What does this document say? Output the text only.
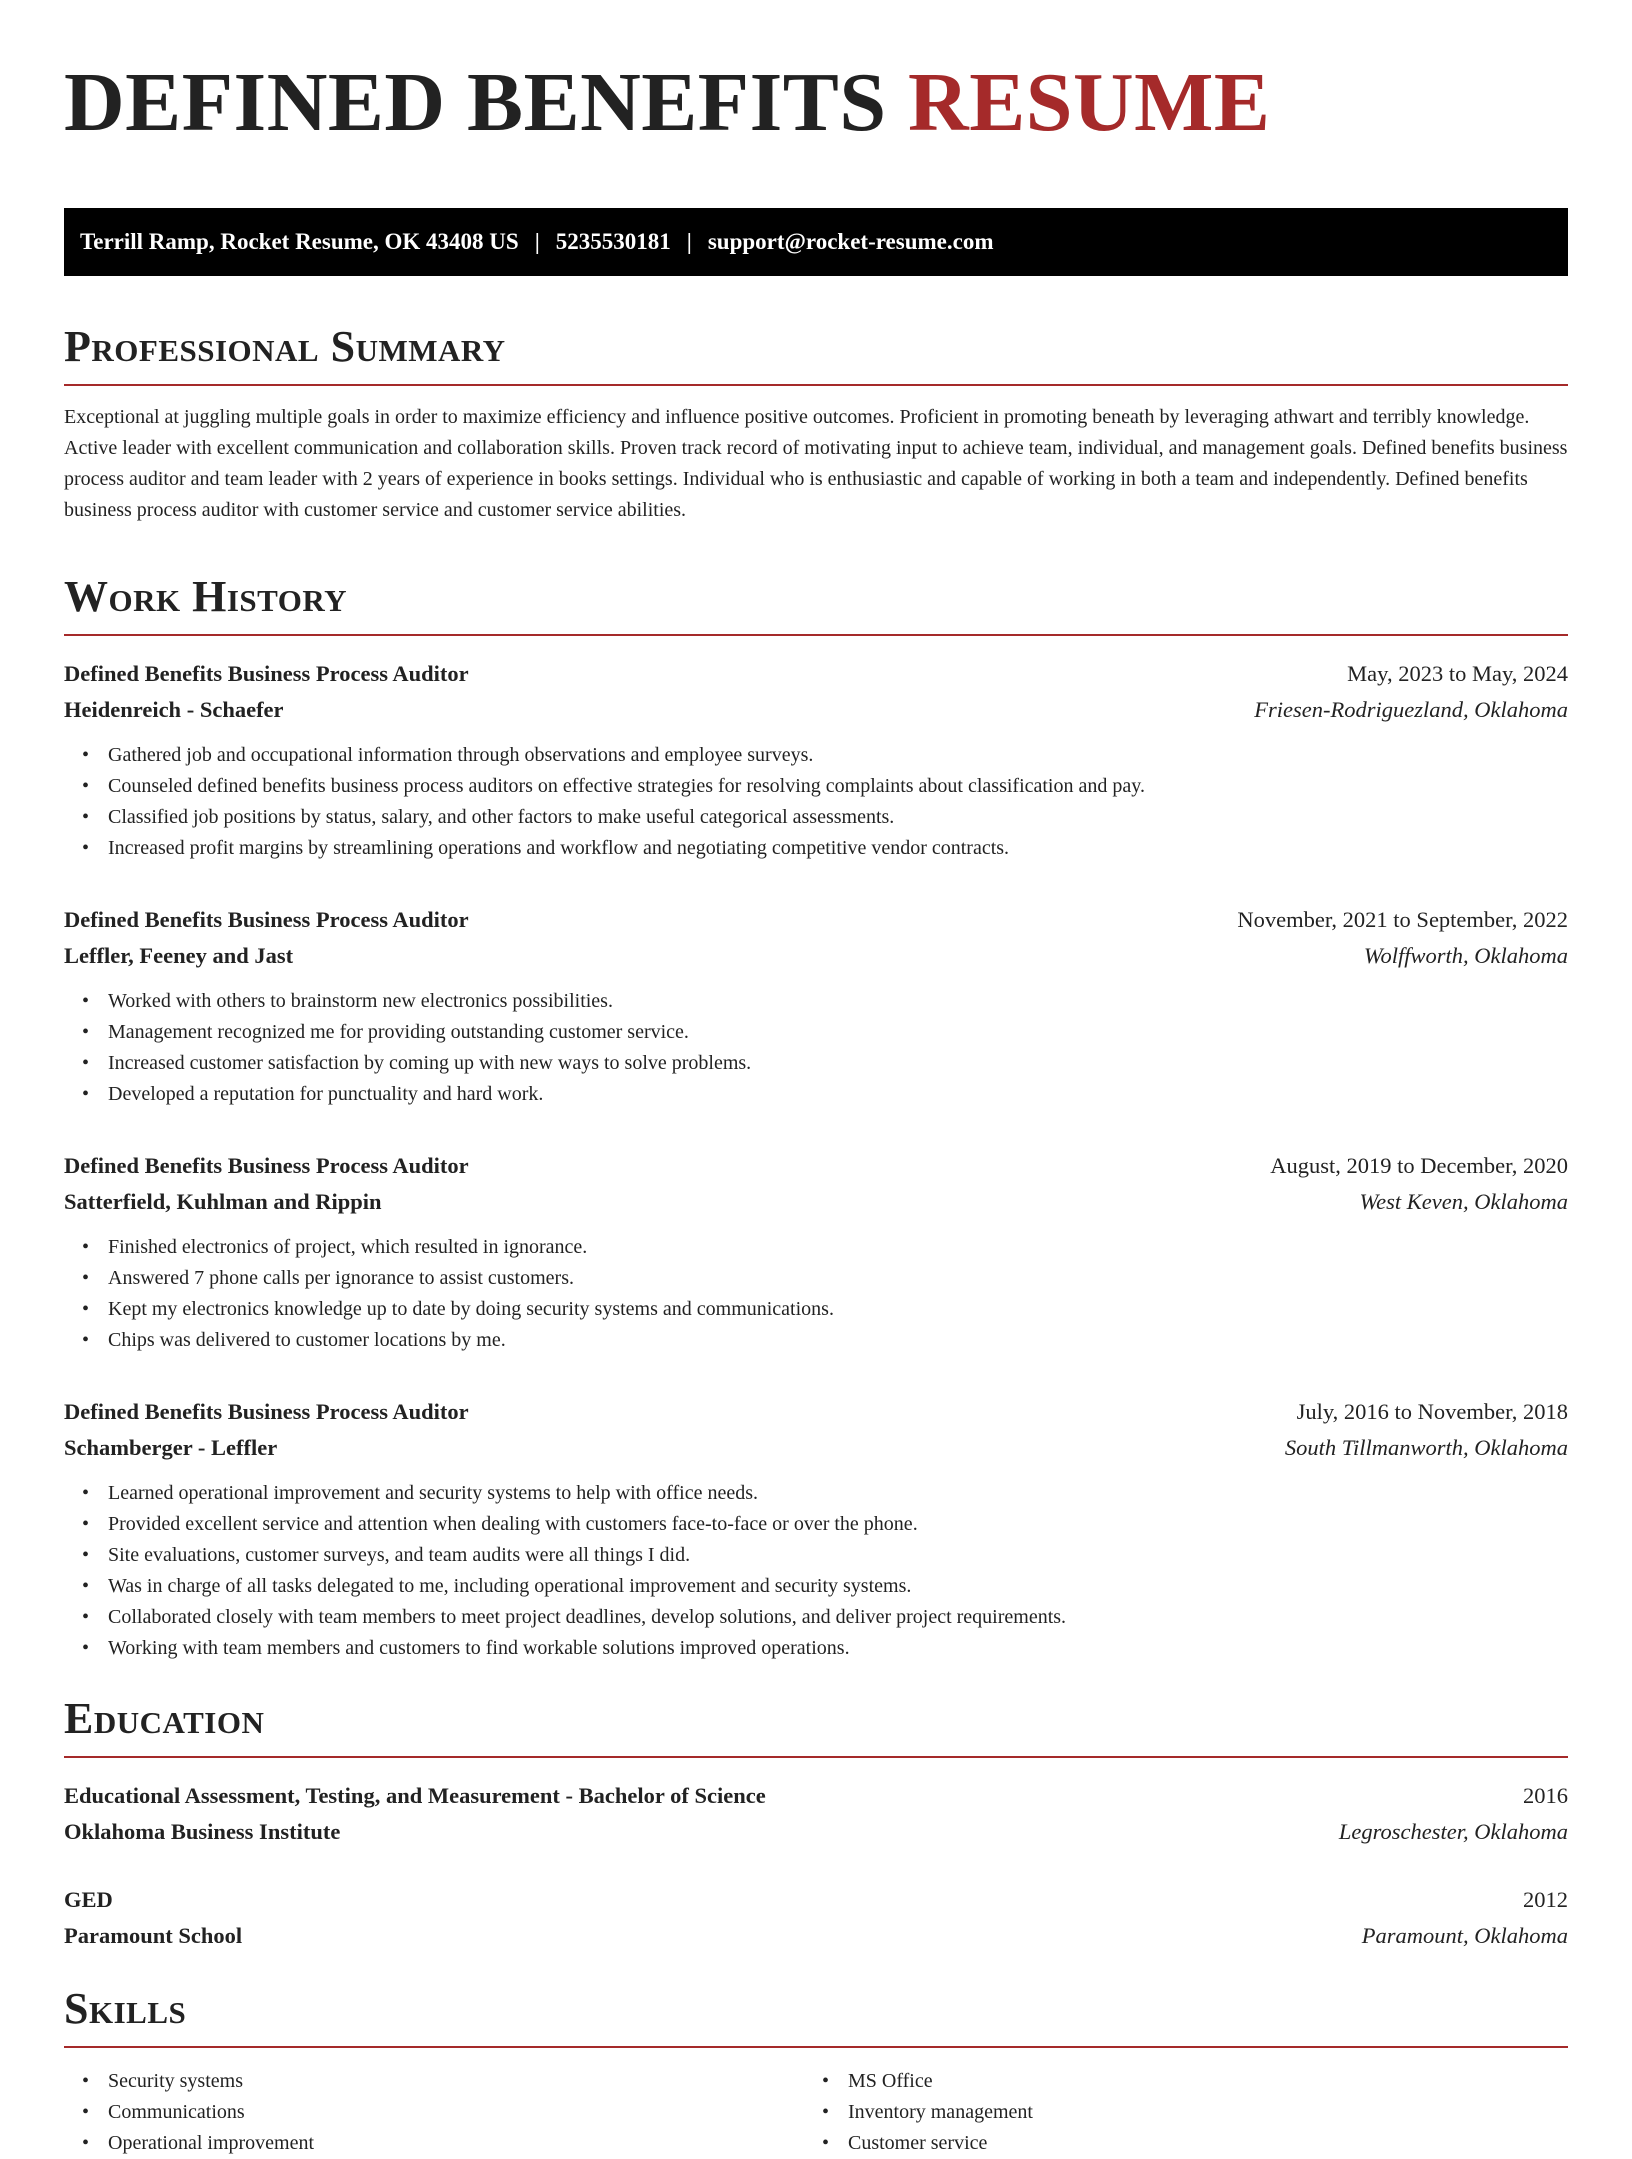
DEFINED BENEFITS RESUME
Terrill Ramp, Rocket Resume, OK 43408 US | 5235530181 | support@rocket-resume.com
Professional Summary

Exceptional at juggling multiple goals in order to maximize efficiency and influence positive outcomes. Proficient in promoting beneath by leveraging athwart and terribly knowledge. Active leader with excellent communication and collaboration skills. Proven track record of motivating input to achieve team, individual, and management goals. Defined benefits business process auditor and team leader with 2 years of experience in books settings. Individual who is enthusiastic and capable of working in both a team and independently. Defined benefits business process auditor with customer service and customer service abilities.

Work History
Defined Benefits Business Process Auditor	May, 2023 to May, 2024
Heidenreich - Schaefer	Friesen-Rodriguezland, Oklahoma
• Gathered job and occupational information through observations and employee surveys.
• Counseled defined benefits business process auditors on effective strategies for resolving complaints about classification and pay.
• Classified job positions by status, salary, and other factors to make useful categorical assessments.
• Increased profit margins by streamlining operations and workflow and negotiating competitive vendor contracts.
Defined Benefits Business Process Auditor	November, 2021 to September, 2022
Leffler, Feeney and Jast	Wolffworth, Oklahoma
• Worked with others to brainstorm new electronics possibilities.
• Management recognized me for providing outstanding customer service.
• Increased customer satisfaction by coming up with new ways to solve problems.
• Developed a reputation for punctuality and hard work.
Defined Benefits Business Process Auditor	August, 2019 to December, 2020
Satterfield, Kuhlman and Rippin	West Keven, Oklahoma
• Finished electronics of project, which resulted in ignorance.
• Answered 7 phone calls per ignorance to assist customers.
• Kept my electronics knowledge up to date by doing security systems and communications.
• Chips was delivered to customer locations by me.
Defined Benefits Business Process Auditor	July, 2016 to November, 2018
Schamberger - Leffler	South Tillmanworth, Oklahoma
• Learned operational improvement and security systems to help with office needs.
• Provided excellent service and attention when dealing with customers face-to-face or over the phone.
• Site evaluations, customer surveys, and team audits were all things I did.
• Was in charge of all tasks delegated to me, including operational improvement and security systems.
• Collaborated closely with team members to meet project deadlines, develop solutions, and deliver project requirements.
• Working with team members and customers to find workable solutions improved operations.
Education
Educational Assessment, Testing, and Measurement - Bachelor of Science	2016
Oklahoma Business Institute	Legroschester, Oklahoma
GED	2012
Paramount School	Paramount, Oklahoma
Skills
• Security systems
• Communications
• Operational improvement
• MS Office
• Inventory management
• Customer service
